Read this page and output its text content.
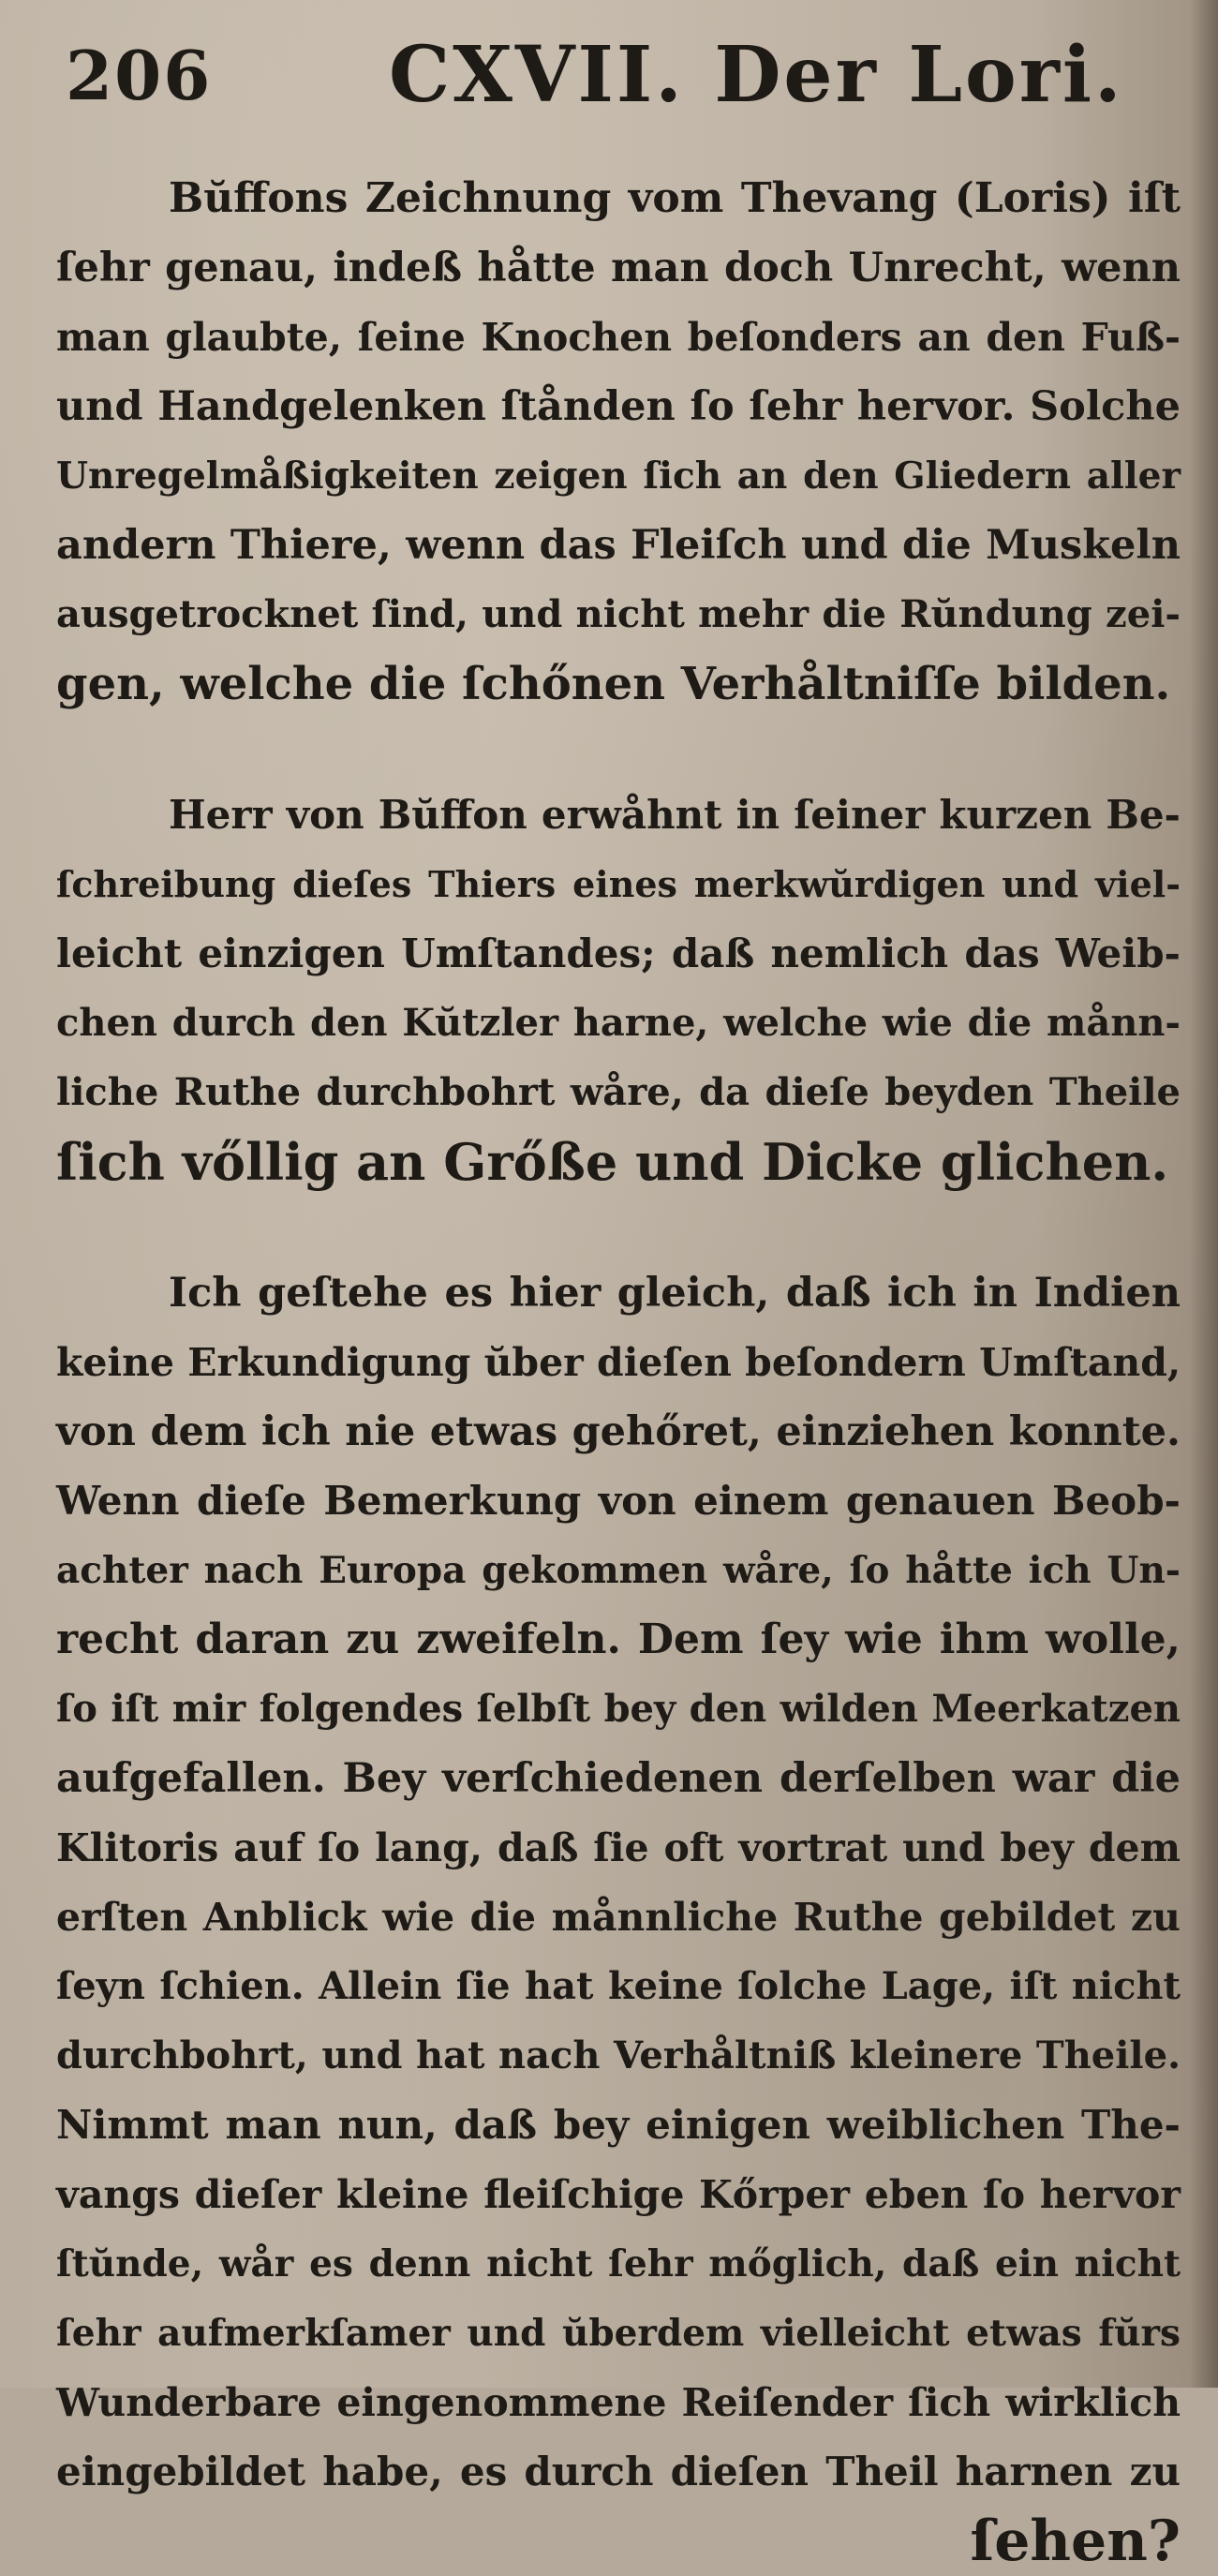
206 CXVII. Der Lori.
Bŭffons Zeichnung vom Thevang (Loris) iſt
ſehr genau, indeß håtte man doch Unrecht, wenn
man glaubte, ſeine Knochen beſonders an den Fuß-
und Handgelenken ſtånden ſo ſehr hervor. Solche
Unregelmåßigkeiten zeigen ſich an den Gliedern aller
andern Thiere, wenn das Fleiſch und die Muskeln
ausgetrocknet ſind, und nicht mehr die Rŭndung zei-
gen, welche die ſchőnen Verhåltniſſe bilden.
Herr von Bŭffon erwåhnt in ſeiner kurzen Be-
ſchreibung dieſes Thiers eines merkwŭrdigen und viel-
leicht einzigen Umſtandes; daß nemlich das Weib-
chen durch den Kŭtzler harne, welche wie die månn-
liche Ruthe durchbohrt wåre, da dieſe beyden Theile
ſich vőllig an Grőße und Dicke glichen.
Ich geſtehe es hier gleich, daß ich in Indien
keine Erkundigung ŭber dieſen beſondern Umſtand,
von dem ich nie etwas gehőret, einziehen konnte.
Wenn dieſe Bemerkung von einem genauen Beob-
achter nach Europa gekommen wåre, ſo håtte ich Un-
recht daran zu zweifeln. Dem ſey wie ihm wolle,
ſo iſt mir folgendes ſelbſt bey den wilden Meerkatzen
aufgefallen. Bey verſchiedenen derſelben war die
Klitoris auf ſo lang, daß ſie oft vortrat und bey dem
erſten Anblick wie die månnliche Ruthe gebildet zu
ſeyn ſchien. Allein ſie hat keine ſolche Lage, iſt nicht
durchbohrt, und hat nach Verhåltniß kleinere Theile.
Nimmt man nun, daß bey einigen weiblichen The-
vangs dieſer kleine fleiſchige Kőrper eben ſo hervor
ſtŭnde, wår es denn nicht ſehr mőglich, daß ein nicht
ſehr aufmerkſamer und ŭberdem vielleicht etwas fŭrs
Wunderbare eingenommene Reiſender ſich wirklich
eingebildet habe, es durch dieſen Theil harnen zu
ſehen?
